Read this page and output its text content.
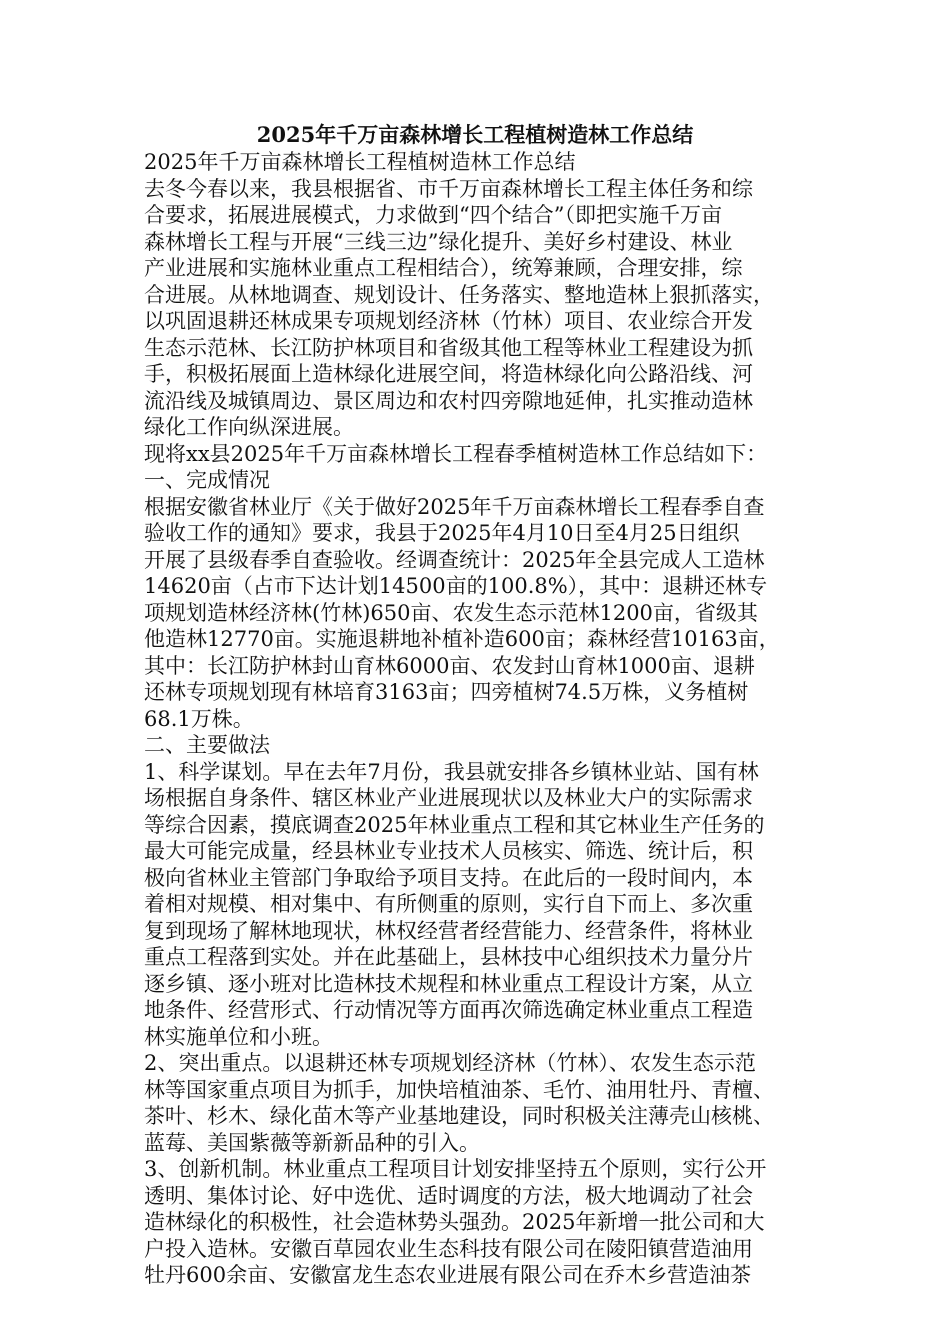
2025年千万亩森林增长工程植树造林工作总结
2025年千万亩森林增长工程植树造林工作总结
去冬今春以来，我县根据省、市千万亩森林增长工程主体任务和综
合要求，拓展进展模式，力求做到“四个结合”（即把实施千万亩
森林增长工程与开展“三线三边”绿化提升、美好乡村建设、林业
产业进展和实施林业重点工程相结合），统筹兼顾，合理安排，综
合进展。从林地调查、规划设计、任务落实、整地造林上狠抓落实，
以巩固退耕还林成果专项规划经济林（竹林）项目、农业综合开发
生态示范林、长江防护林项目和省级其他工程等林业工程建设为抓
手，积极拓展面上造林绿化进展空间，将造林绿化向公路沿线、河
流沿线及城镇周边、景区周边和农村四旁隙地延伸，扎实推动造林
绿化工作向纵深进展。
现将xx县2025年千万亩森林增长工程春季植树造林工作总结如下：
一、完成情况
根据安徽省林业厅《关于做好2025年千万亩森林增长工程春季自查
验收工作的通知》要求，我县于2025年4月10日至4月25日组织
开展了县级春季自查验收。经调查统计：2025年全县完成人工造林
14620亩（占市下达计划14500亩的100.8%），其中：退耕还林专
项规划造林经济林(竹林)650亩、农发生态示范林1200亩，省级其
他造林12770亩。实施退耕地补植补造600亩；森林经营10163亩，
其中：长江防护林封山育林6000亩、农发封山育林1000亩、退耕
还林专项规划现有林培育3163亩；四旁植树74.5万株，义务植树
68.1万株。
二、主要做法
1、科学谋划。早在去年7月份，我县就安排各乡镇林业站、国有林
场根据自身条件、辖区林业产业进展现状以及林业大户的实际需求
等综合因素，摸底调查2025年林业重点工程和其它林业生产任务的
最大可能完成量，经县林业专业技术人员核实、筛选、统计后，积
极向省林业主管部门争取给予项目支持。在此后的一段时间内，本
着相对规模、相对集中、有所侧重的原则，实行自下而上、多次重
复到现场了解林地现状，林权经营者经营能力、经营条件，将林业
重点工程落到实处。并在此基础上，县林技中心组织技术力量分片
逐乡镇、逐小班对比造林技术规程和林业重点工程设计方案，从立
地条件、经营形式、行动情况等方面再次筛选确定林业重点工程造
林实施单位和小班。
2、突出重点。以退耕还林专项规划经济林（竹林）、农发生态示范
林等国家重点项目为抓手，加快培植油茶、毛竹、油用牡丹、青檀、
茶叶、杉木、绿化苗木等产业基地建设，同时积极关注薄壳山核桃、
蓝莓、美国紫薇等新新品种的引入。
3、创新机制。林业重点工程项目计划安排坚持五个原则，实行公开
透明、集体讨论、好中选优、适时调度的方法，极大地调动了社会
造林绿化的积极性，社会造林势头强劲。2025年新增一批公司和大
户投入造林。安徽百草园农业生态科技有限公司在陵阳镇营造油用
牡丹600余亩、安徽富龙生态农业进展有限公司在乔木乡营造油茶
